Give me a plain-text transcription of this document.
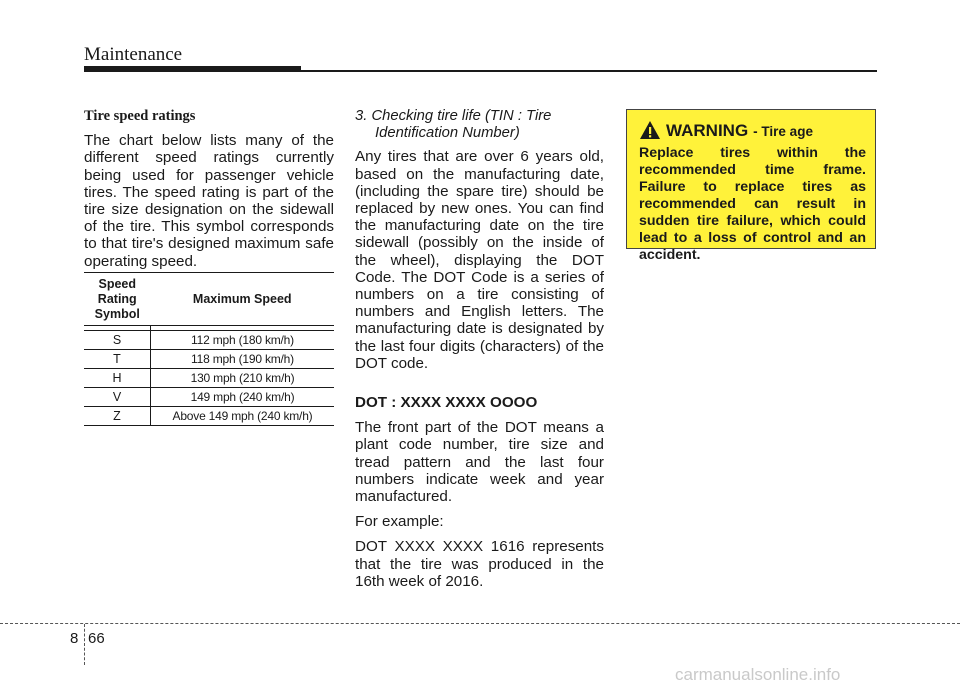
Maintenance

Tire speed ratings

The chart below lists many of the different speed ratings currently being used for passenger vehicle tires. The speed rating is part of the tire size designation on the sidewall of the tire. This symbol corresponds to that tire's designed maximum safe operating speed.

Speed Rating Symbol	Maximum Speed

S	112 mph (180 km/h)
T	118 mph (190 km/h)
H	130 mph (210 km/h)
V	149 mph (240 km/h)
Z	Above 149 mph (240 km/h)

3. Checking tire life (TIN : Tire Identification Number)

Any tires that are over 6 years old, based on the manufacturing date, (including the spare tire) should be replaced by new ones. You can find the manufacturing date on the tire sidewall (possibly on the inside of the wheel), displaying the DOT Code. The DOT Code is a series of numbers on a tire consisting of numbers and English letters. The manufacturing date is designated by the last four digits (characters) of the DOT code.

DOT : XXXX XXXX OOOO

The front part of the DOT means a plant code number, tire size and tread pattern and the last four numbers indicate week and year manufactured.

For example:

DOT XXXX XXXX 1616 represents that the tire was produced in the 16th week of 2016.

WARNING - Tire age

Replace tires within the recommended time frame. Failure to replace tires as recommended can result in sudden tire failure, which could lead to a loss of control and an accident.

8 66
carmanualsonline.info
